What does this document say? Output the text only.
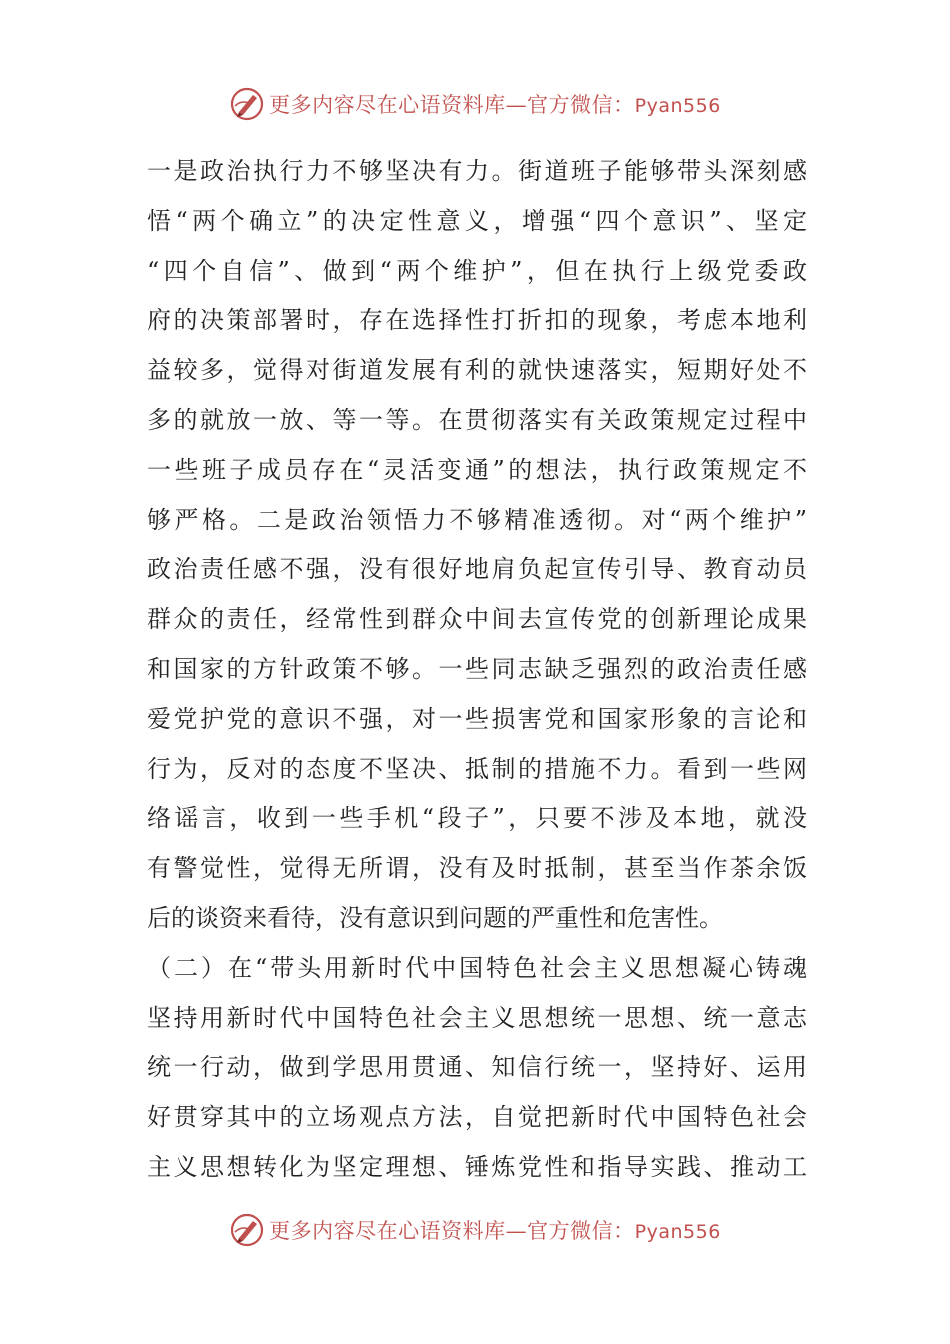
更多内容尽在心语资料库—官方微信：Pyan556
一是政治执行力不够坚决有力。街道班子能够带头深刻感
悟“两个确立”的决定性意义，增强“四个意识”、坚定
“四个自信”、做到“两个维护”，但在执行上级党委政
府的决策部署时，存在选择性打折扣的现象，考虑本地利
益较多，觉得对街道发展有利的就快速落实，短期好处不
多的就放一放、等一等。在贯彻落实有关政策规定过程中
一些班子成员存在“灵活变通”的想法，执行政策规定不
够严格。二是政治领悟力不够精准透彻。对“两个维护”
政治责任感不强，没有很好地肩负起宣传引导、教育动员
群众的责任，经常性到群众中间去宣传党的创新理论成果
和国家的方针政策不够。一些同志缺乏强烈的政治责任感
爱党护党的意识不强，对一些损害党和国家形象的言论和
行为，反对的态度不坚决、抵制的措施不力。看到一些网
络谣言，收到一些手机“段子”，只要不涉及本地，就没
有警觉性，觉得无所谓，没有及时抵制，甚至当作茶余饭
后的谈资来看待，没有意识到问题的严重性和危害性。
（二）在“带头用新时代中国特色社会主义思想凝心铸魂
坚持用新时代中国特色社会主义思想统一思想、统一意志
统一行动，做到学思用贯通、知信行统一，坚持好、运用
好贯穿其中的立场观点方法，自觉把新时代中国特色社会
主义思想转化为坚定理想、锤炼党性和指导实践、推动工
更多内容尽在心语资料库—官方微信：Pyan556
